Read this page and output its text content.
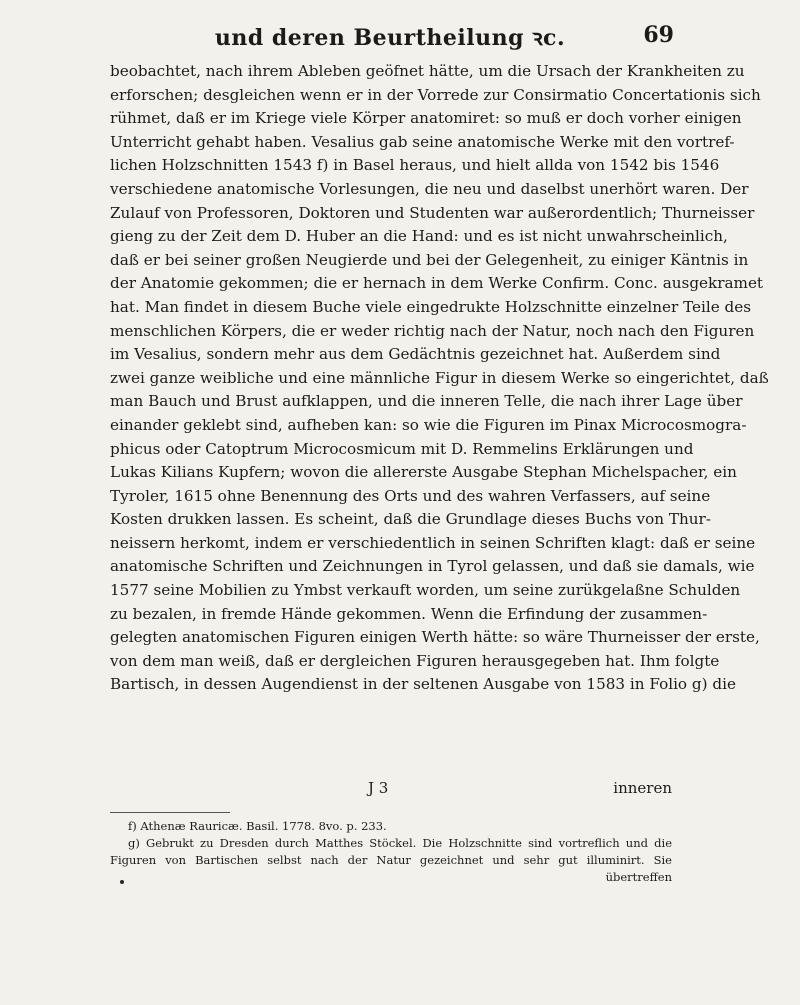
und deren Beurtheilung ꝛc.	69
beobachtet, nach ihrem Ableben geöfnet hätte, um die Ursach der Krankheiten zu
erforschen; desgleichen wenn er in der Vorrede zur Consirmatio Concertationis sich
rühmet, daß er im Kriege viele Körper anatomiret: so muß er doch vorher einigen
Unterricht gehabt haben. Vesalius gab seine anatomische Werke mit den vortref-
lichen Holzschnitten 1543 f) in Basel heraus, und hielt allda von 1542 bis 1546
verschiedene anatomische Vorlesungen, die neu und daselbst unerhört waren. Der
Zulauf von Professoren, Doktoren und Studenten war außerordentlich; Thurneisser
gieng zu der Zeit dem D. Huber an die Hand: und es ist nicht unwahrscheinlich,
daß er bei seiner großen Neugierde und bei der Gelegenheit, zu einiger Käntnis in
der Anatomie gekommen; die er hernach in dem Werke Confirm. Conc. ausgekramet
hat. Man findet in diesem Buche viele eingedrukte Holzschnitte einzelner Teile des
menschlichen Körpers, die er weder richtig nach der Natur, noch nach den Figuren
im Vesalius, sondern mehr aus dem Gedächtnis gezeichnet hat. Außerdem sind
zwei ganze weibliche und eine männliche Figur in diesem Werke so eingerichtet, daß
man Bauch und Brust aufklappen, und die inneren Telle, die nach ihrer Lage über
einander geklebt sind, aufheben kan: so wie die Figuren im Pinax Microcosmogra-
phicus oder Catoptrum Microcosmicum mit D. Remmelins Erklärungen und
Lukas Kilians Kupfern; wovon die allererste Ausgabe Stephan Michelspacher, ein
Tyroler, 1615 ohne Benennung des Orts und des wahren Verfassers, auf seine
Kosten drukken lassen. Es scheint, daß die Grundlage dieses Buchs von Thur-
neissern herkomt, indem er verschiedentlich in seinen Schriften klagt: daß er seine
anatomische Schriften und Zeichnungen in Tyrol gelassen, und daß sie damals, wie
1577 seine Mobilien zu Ymbst verkauft worden, um seine zurükgelaßne Schulden
zu bezalen, in fremde Hände gekommen. Wenn die Erfindung der zusammen-
gelegten anatomischen Figuren einigen Werth hätte: so wäre Thurneisser der erste,
von dem man weiß, daß er dergleichen Figuren herausgegeben hat. Ihm folgte
Bartisch, in dessen Augendienst in der seltenen Ausgabe von 1583 in Folio g) die
J 3	inneren
f) Athenæ Rauricæ. Basil. 1778. 8vo. p. 233.
g) Gebrukt zu Dresden durch Matthes Stöckel. Die Holzschnitte sind vortreflich und die
Figuren von Bartischen selbst nach der Natur gezeichnet und sehr gut illuminirt. Sie
übertreffen
